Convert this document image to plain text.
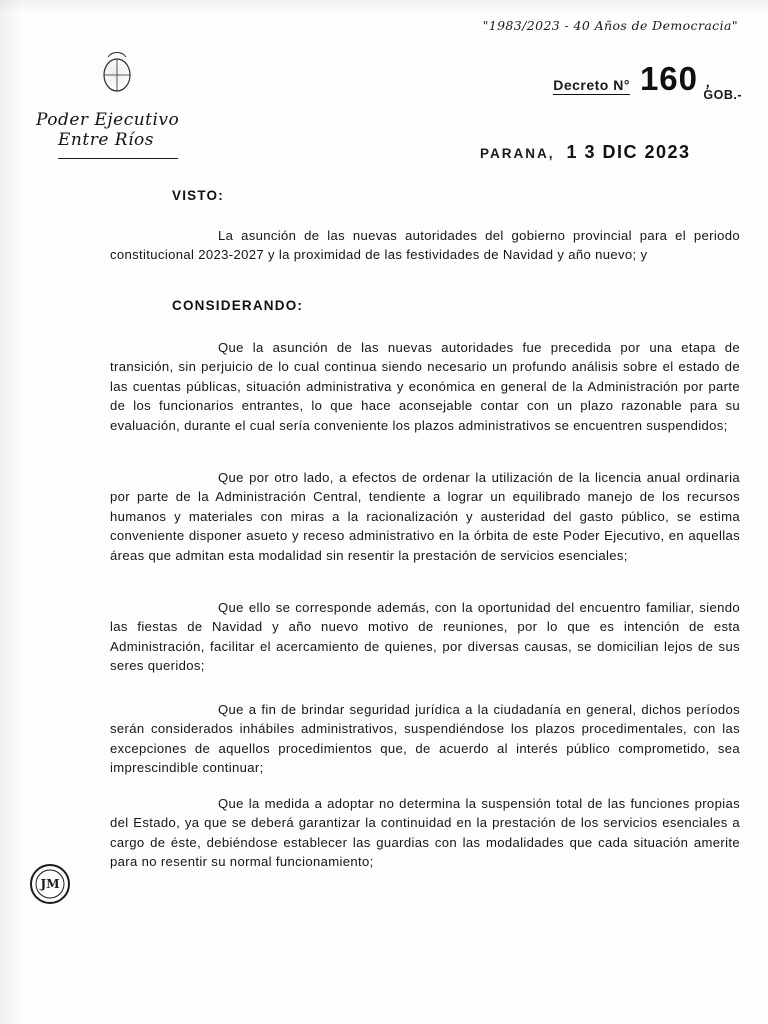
"1983/2023 - 40 Años de Democracia"
Poder Ejecutivo
Entre Ríos
Decreto N° 160 ,
GOB.-
PARANA, 1 3 DIC 2023
VISTO:
La asunción de las nuevas autoridades del gobierno provincial para el periodo constitucional 2023-2027 y la proximidad de las festividades de Navidad y año nuevo; y
CONSIDERANDO:
Que la asunción de las nuevas autoridades fue precedida por una etapa de transición, sin perjuicio de lo cual continua siendo necesario un profundo análisis sobre el estado de las cuentas públicas, situación administrativa y económica en general de la Administración por parte de los funcionarios entrantes, lo que hace aconsejable contar con un plazo razonable para su evaluación, durante el cual sería conveniente los plazos administrativos se encuentren suspendidos;
Que por otro lado, a efectos de ordenar la utilización de la licencia anual ordinaria por parte de la Administración Central, tendiente a lograr un equilibrado manejo de los recursos humanos y materiales con miras a la racionalización y austeridad del gasto público, se estima conveniente disponer asueto y receso administrativo en la órbita de este Poder Ejecutivo, en aquellas áreas que admitan esta modalidad sin resentir la prestación de servicios esenciales;
Que ello se corresponde además, con la oportunidad del encuentro familiar, siendo las fiestas de Navidad y año nuevo motivo de reuniones, por lo que es intención de esta Administración, facilitar el acercamiento de quienes, por diversas causas, se domicilian lejos de sus seres queridos;
Que a fin de brindar seguridad jurídica a la ciudadanía en general, dichos períodos serán considerados inhábiles administrativos, suspendiéndose los plazos procedimentales, con las excepciones de aquellos procedimientos que, de acuerdo al interés público comprometido, sea imprescindible continuar;
Que la medida a adoptar no determina la suspensión total de las funciones propias del Estado, ya que se deberá garantizar la continuidad en la prestación de los servicios esenciales a cargo de éste, debiéndose establecer las guardias con las modalidades que cada situación amerite para no resentir su normal funcionamiento;
JM
